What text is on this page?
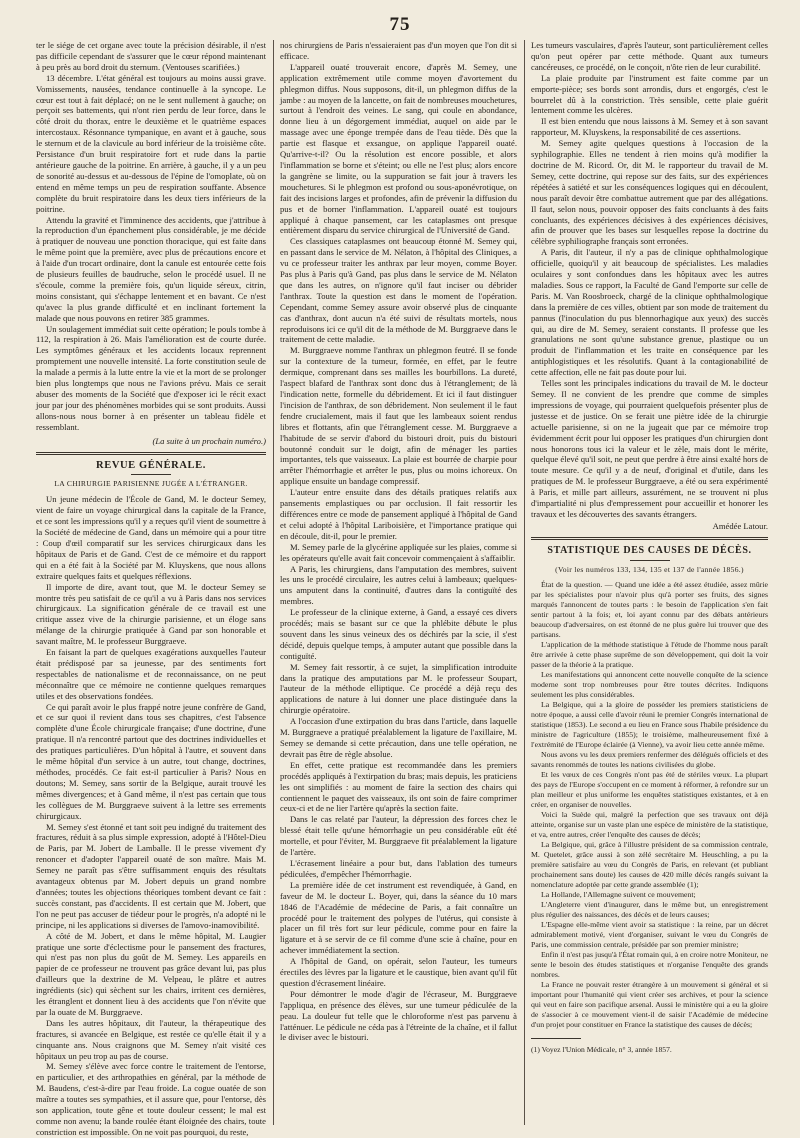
75

ter le siége de cet organe avec toute la précision désirable, il n'est pas difficile cependant de s'assurer que le cœur répond maintenant à peu près au bord droit du sternum. (Ventouses scarifiées.)

13 décembre. L'état général est toujours au moins aussi grave. Vomissements, nausées, tendance continuelle à la syncope. Le cœur est tout à fait déplacé; on ne le sent nullement à gauche; on perçoit ses battements, qui n'ont rien perdu de leur force, dans le côté droit du thorax, entre le deuxième et le quatrième espaces intercostaux. Résonnance tympanique, en avant et à gauche, sous le sternum et de la clavicule au bord inférieur de la troisième côte. Persistance d'un bruit respiratoire fort et rude dans la partie antérieure gauche de la poitrine. En arrière, à gauche, il y a un peu de sonorité au-dessus et au-dessous de l'épine de l'omoplate, où on entend en même temps un peu de respiration souffante. Absence complète du bruit respiratoire dans les deux tiers inférieurs de la poitrine.

Attendu la gravité et l'imminence des accidents, que j'attribue à la reproduction d'un épanchement plus considérable, je me décide à pratiquer de nouveau une ponction thoracique, qui est faite dans le même point que la première, avec plus de précautions encore et à l'aide d'un trocart ordinaire, dont la canule est entourée cette fois de plusieurs feuilles de baudruche, selon le procédé usuel. Il ne s'écoule, comme la première fois, qu'un liquide séreux, citrin, moins consistant, qui s'échappe lentement et en bavant. Ce n'est qu'avec la plus grande difficulté et en inclinant fortement la malade que nous pouvons en retirer 385 grammes.

Un soulagement immédiat suit cette opération; le pouls tombe à 112, la respiration à 26. Mais l'amélioration est de courte durée. Les symptômes généraux et les accidents locaux reprennent promptement une nouvelle intensité. La forte constitution seule de la malade a permis à la lutte entre la vie et la mort de se prolonger bien plus longtemps que nous ne l'avions prévu. Mais ce serait abuser des moments de la Société que d'exposer ici le récit exact jour par jour des phénomènes morbides qui se sont produits. Aussi allons-nous nous borner à en présenter un tableau fidèle et ressemblant.

(La suite à un prochain numéro.)
REVUE GÉNÉRALE.
LA CHIRURGIE PARISIENNE JUGÉE A L'ÉTRANGER.

Un jeune médecin de l'École de Gand, M. le docteur Semey, vient de faire un voyage chirurgical dans la capitale de la France, et ce sont les impressions qu'il y a reçues qu'il vient de soumettre à la Société de médecine de Gand, dans un mémoire qui a pour titre : Coup d'œil comparatif sur les services chirurgicaux dans les hôpitaux de Paris et de Gand. C'est de ce mémoire et du rapport qui en a été fait à la Société par M. Kluyskens, que nous allons extraire quelques faits et quelques réflexions.

Il importe de dire, avant tout, que M. le docteur Semey se montre très peu satisfait de ce qu'il a vu à Paris dans nos services chirurgicaux. La signification générale de ce travail est une critique assez vive de la chirurgie parisienne, et un éloge sans mélange de la chirurgie pratiquée à Gand par son honorable et savant maître, M. le professeur Burggraeve.

En faisant la part de quelques exagérations auxquelles l'auteur était prédisposé par sa jeunesse, par des sentiments fort respectables de nationalisme et de reconnaissance, on ne peut méconnaître que ce mémoire ne contienne quelques remarques utiles et des observations fondées.

Ce qui paraît avoir le plus frappé notre jeune confrère de Gand, et ce sur quoi il revient dans tous ses chapitres, c'est l'absence complète d'une École chirurgicale française; d'une doctrine, d'une pratique. Il n'a rencontré partout que des doctrines individuelles et des pratiques particulières. D'un hôpital à l'autre, et souvent dans le même hôpital d'un service à un autre, tout change, doctrines, méthodes, procédés. Ce fait est-il particulier à Paris? Nous en doutons; M. Semey, sans sortir de la Belgique, aurait trouvé les mêmes divergences; et à Gand même, il n'est pas certain que tous les collègues de M. Burggraeve suivent à la lettre ses errements chirurgicaux.

M. Semey s'est étonné et tant soit peu indigné du traitement des fractures, réduit à sa plus simple expression, adopté à l'Hôtel-Dieu de Paris, par M. Jobert de Lamballe. Il le presse vivement d'y renoncer et d'adopter l'appareil ouaté de son maître. Mais M. Semey ne paraît pas s'être suffisamment enquis des résultats avantageux obtenus par M. Jobert depuis un grand nombre d'années; toutes les objections théoriques tombent devant ce fait : succès constant, pas d'accidents. Il est certain que M. Jobert, que l'on ne peut pas accuser de tiédeur pour le progrès, n'a adopté ni le principe, ni les applications si diverses de l'amovo-inamovibilité.

A côté de M. Jobert, et dans le même hôpital, M. Laugier pratique une sorte d'éclectisme pour le pansement des fractures, qui n'est pas non plus du goût de M. Semey. Les appareils en papier de ce professeur ne trouvent pas grâce devant lui, pas plus d'ailleurs que la dextrine de M. Velpeau, le plâtre et autres ingrédients (sic) qui sèchent sur les chairs, irritent ces dernières, les étranglent et donnent lieu à des accidents que l'on n'évite que par la ouate de M. Burggraeve.

Dans les autres hôpitaux, dit l'auteur, la thérapeutique des fractures, si avancée en Belgique, est restée ce qu'elle était il y a cinquante ans. Nous craignons que M. Semey n'ait visité ces hôpitaux un peu trop au pas de course.

M. Semey s'élève avec force contre le traitement de l'entorse, en particulier, et des arthropathies en général, par la méthode de M. Baudens, c'est-à-dire par l'eau froide. La cogue ouatée de son maître a toutes ses sympathies, et il assure que, pour l'entorse, dès son application, toute gêne et toute douleur cessent; le mal est comme non avenu; la bande roulée étant éloignée des chairs, toute constriction est impossible. On ne voit pas pourquoi, du reste,

nos chirurgiens de Paris n'essaieraient pas d'un moyen que l'on dit si efficace.

L'appareil ouaté trouverait encore, d'après M. Semey, une application extrêmement utile comme moyen d'avortement du phlegmon diffus. Nous supposons, dit-il, un phlegmon diffus de la jambe : au moyen de la lancette, on fait de nombreuses mouchetures, surtout à l'endroit des veines. Le sang, qui coule en abondance, donne lieu à un dégorgement immédiat, auquel on aide par le massage avec une éponge trempée dans de l'eau tiède. Dès que la partie est flasque et exsangue, on applique l'appareil ouaté. Qu'arrive-t-il? Ou la résolution est encore possible, et alors l'inflammation se borne et s'éteint; ou elle ne l'est plus; alors encore la gangrène se limite, ou la suppuration se fait jour à travers les mouchetures. Si le phlegmon est profond ou sous-aponévrotique, on fait des incisions larges et profondes, afin de prévenir la diffusion du pus et de borner l'inflammation. L'appareil ouaté est toujours appliqué à chaque pansement, car les cataplasmes ont presque entièrement disparu du service chirurgical de l'Université de Gand.

Ces classiques cataplasmes ont beaucoup étonné M. Semey qui, en passant dans le service de M. Nélaton, à l'hôpital des Cliniques, a vu ce professeur traiter les anthrax par leur moyen, comme Boyer. Pas plus à Paris qu'à Gand, pas plus dans le service de M. Nélaton que dans les autres, on n'ignore qu'il faut inciser ou débrider l'anthrax. Toute la question est dans le moment de l'opération. Cependant, comme Semey assure avoir observé plus de cinquante cas d'anthrax, dont aucun n'a été suivi de résultats mortels, nous reproduisons ici ce qu'il dit de la méthode de M. Burggraeve dans le traitement de cette maladie.

M. Burggraeve nomme l'anthrax un phlegmon feutré. Il se fonde sur la contexture de la tumeur, formée, en effet, par le feutre dermique, comprenant dans ses mailles les bourbillons. La dureté, l'aspect blafard de l'anthrax sont donc dus à l'étranglement; de là l'indication nette, formelle du débridement. Et ici il faut distinguer l'incision de l'anthrax, de son débridement. Non seulement il le faut fendre crucialement, mais il faut que les lambeaux soient rendus libres et flottants, afin que l'étranglement cesse. M. Burggraeve a l'habitude de se servir d'abord du bistouri droit, puis du bistouri boutonné conduit sur le doigt, afin de ménager les parties importantes, tels que vaisseaux. La plaie est bourrée de charpie pour arrêter l'hémorrhagie et arrêter le pus, plus ou moins ichoreux. On applique ensuite un bandage compressif.

L'auteur entre ensuite dans des détails pratiques relatifs aux pansements emplastiques ou par occlusion. Il fait ressortir les différences entre ce mode de pansement appliqué à l'hôpital de Gand et celui adopté à l'hôpital Lariboisière, et l'importance pratique qui en découle, dit-il, pour le premier.

M. Semey parle de la glycérine appliquée sur les plaies, comme si les opérateurs qu'elle avait fait concevoir commençaient à s'affaiblir.

A Paris, les chirurgiens, dans l'amputation des membres, suivent les uns le procédé circulaire, les autres celui à lambeaux; quelques-uns amputent dans la continuité, d'autres dans la contiguïté des membres.

Le professeur de la clinique externe, à Gand, a essayé ces divers procédés; mais se basant sur ce que la phlébite débute le plus souvent dans les sinus veineux des os déchirés par la scie, il s'est décidé, depuis quelque temps, à amputer autant que possible dans la contiguïté.

M. Semey fait ressortir, à ce sujet, la simplification introduite dans la pratique des amputations par M. le professeur Soupart, l'auteur de la méthode elliptique. Ce procédé a déjà reçu des applications de nature à lui donner une place distinguée dans la chirurgie opératoire.

A l'occasion d'une extirpation du bras dans l'article, dans laquelle M. Burggraeve a pratiqué préalablement la ligature de l'axillaire, M. Semey se demande si cette précaution, dans une telle opération, ne devrait pas être de règle absolue.

En effet, cette pratique est recommandée dans les premiers procédés appliqués à l'extirpation du bras; mais depuis, les praticiens les ont simplifiés : au moment de faire la section des chairs qui contiennent le paquet des vaisseaux, ils ont soin de faire comprimer ceux-ci et de ne lier l'artère qu'après la section faite.

Dans le cas relaté par l'auteur, la dépression des forces chez le blessé était telle qu'une hémorrhagie un peu considérable eût été mortelle, et pour l'éviter, M. Burggraeve fit préalablement la ligature de l'artère.

L'écrasement linéaire a pour but, dans l'ablation des tumeurs pédiculées, d'empêcher l'hémorrhagie.

La première idée de cet instrument est revendiquée, à Gand, en faveur de M. le docteur L. Boyer, qui, dans la séance du 10 mars 1846 de l'Académie de médecine de Paris, a fait connaître un procédé pour le traitement des polypes de l'utérus, qui consiste à placer un fil très fort sur leur pédicule, comme pour en faire la ligature et à se servir de ce fil comme d'une scie à chaîne, pour en achever immédiatement la section.

A l'hôpital de Gand, on opérait, selon l'auteur, les tumeurs érectiles des lèvres par la ligature et le caustique, bien avant qu'il fût question d'écrasement linéaire.

Pour démontrer le mode d'agir de l'écraseur, M. Burggraeve l'appliqua, en présence des élèves, sur une tumeur pédiculée de la peau. La douleur fut telle que le chloroforme n'est pas parvenu à l'atténuer. Le pédicule ne céda pas à l'étreinte de la chaîne, et il fallut le diviser avec le bistouri.

Les tumeurs vasculaires, d'après l'auteur, sont particulièrement celles qu'on peut opérer par cette méthode. Quant aux tumeurs cancéreuses, ce procédé, on le conçoit, n'ôte rien de leur curabilité.

La plaie produite par l'instrument est faite comme par un emporte-pièce; ses bords sont arrondis, durs et engorgés, c'est le bourrelet dû à la constriction. Très sensible, cette plaie guérit lentement comme les ulcères.

Il est bien entendu que nous laissons à M. Semey et à son savant rapporteur, M. Kluyskens, la responsabilité de ces assertions.

M. Semey agite quelques questions à l'occasion de la syphilographie. Elles ne tendent à rien moins qu'à modifier la doctrine de M. Ricord. Or, dit M. le rapporteur du travail de M. Semey, cette doctrine, qui repose sur des faits, sur des expériences répétées à satiété et sur les conséquences logiques qui en découlent, nous paraît devoir être combattue autrement que par des allégations. Il faut, selon nous, pouvoir opposer des faits concluants à des faits concluants, des expériences décisives à des expériences décisives, afin de prouver que les bases sur lesquelles repose la doctrine du célèbre syphiliographe français sont erronées.

A Paris, dit l'auteur, il n'y a pas de clinique ophthalmologique officielle, quoiqu'il y ait beaucoup de spécialistes. Les maladies oculaires y sont confondues dans les hôpitaux avec les autres maladies. Sous ce rapport, la Faculté de Gand l'emporte sur celle de Paris. M. Van Roosbroeck, chargé de la clinique ophthalmologique dans la première de ces villes, obtient par son mode de traitement du pannus (l'inoculation du pus blennorhagique aux yeux) des succès qui, au dire de M. Semey, seraient constants. Il professe que les granulations ne sont qu'une substance grenue, plastique ou un produit de l'inflammation et les traite en conséquence par les antiphlogistiques et les résolutifs. Quant à la contagionabilité de cette affection, elle ne fait pas doute pour lui.

Telles sont les principales indications du travail de M. le docteur Semey. Il ne convient de les prendre que comme de simples impressions de voyage, qui pourraient quelquefois présenter plus de justesse et de justice. On se ferait une piètre idée de la chirurgie actuelle parisienne, si on ne la jugeait que par ce mémoire trop évidemment écrit pour lui opposer les pratiques d'un chirurgien dont nous honorons tous ici la valeur et le zèle, mais dont le mérite, quelque élevé qu'il soit, ne peut que perdre à être ainsi exalté hors de toute mesure. Ce qu'il y a de neuf, d'original et d'utile, dans les pratiques de M. le professeur Burggraeve, a été ou sera expérimenté à Paris, et mille part ailleurs, assurément, ne se trouvent ni plus d'impartialité ni plus d'empressement pour accueillir et honorer les travaux et les découvertes des savants étrangers.

Amédée Latour.
STATISTIQUE DES CAUSES DE DÉCÈS.
(Voir les numéros 133, 134, 135 et 137 de l'année 1856.)

État de la question. — Quand une idée a été assez étudiée, assez mûrie par les spécialistes pour n'avoir plus qu'à porter ses fruits, des signes marqués l'annoncent de toutes parts : le besoin de l'application s'en fait sentir partout à la fois; et, loi ayant connu par des débats antérieurs beaucoup d'adversaires, on est étonné de ne plus guère lui trouver que des partisans.

L'application de la méthode statistique à l'étude de l'homme nous paraît être arrivée à cette phase suprême de son développement, qui doit la voir passer de la théorie à la pratique.

Les manifestations qui annoncent cette nouvelle conquête de la science moderne sont trop nombreuses pour être toutes décrites. Indiquons seulement les plus considérables.

La Belgique, qui a la gloire de posséder les premiers statisticiens de notre époque, a aussi celle d'avoir réuni le premier Congrès international de statistique (1853). Le second a eu lieu en France sous l'habile présidence du ministre de l'agriculture (1855); le troisième, malheureusement fixé à l'extrémité de l'Europe éclairée (à Vienne), va avoir lieu cette année même.

Nous avons vu les deux premiers renfermer des délégués officiels et des savants renommés de toutes les nations civilisées du globe.

Et les vœux de ces Congrès n'ont pas été de stériles vœux. La plupart des pays de l'Europe s'occupent en ce moment à réformer, à refondre sur un plan meilleur et plus uniforme les enquêtes statistiques existantes, et à en créer, en organiser de nouvelles.

Voici la Suède qui, malgré la perfection que ses travaux ont déjà atteinte, organise sur un vaste plan une espèce de ministère de la statistique, et va, entre autres, créer l'enquête des causes de décès;

La Belgique, qui, grâce à l'illustre président de sa commission centrale, M. Quetelet, grâce aussi à son zélé secrétaire M. Heuschling, a pu la première satisfaire au vœu du Congrès de Paris, en relevant (et publiant prochainement sans doute) les causes de 420 mille décès rangés suivant la nomenclature adoptée par cette grande assemblée (1);

La Hollande, l'Allemagne suivent ce mouvement;

L'Angleterre vient d'inaugurer, dans le même but, un enregistrement plus régulier des naissances, des décès et de leurs causes;

L'Espagne elle-même vient avoir sa statistique : la reine, par un décret admirablement motivé, vient d'organiser, suivant le vœu du Congrès de Paris, une commission centrale, présidée par son premier ministre;

Enfin il n'est pas jusqu'à l'État romain qui, à en croire notre Moniteur, ne sente le besoin des études statistiques et n'organise l'enquête des grands nombres.

La France ne pouvait rester étrangère à un mouvement si général et si important pour l'humanité qui vient créer ses archives, et pour la science qui veut en faire son pacifique arsenal. Aussi le ministère qui a eu la gloire de s'associer à ce mouvement vient-il de saisir l'Académie de médecine d'un projet pour constituer en France la statistique des causes de décès;

(1) Voyez l'Union Médicale, n° 3, année 1857.
